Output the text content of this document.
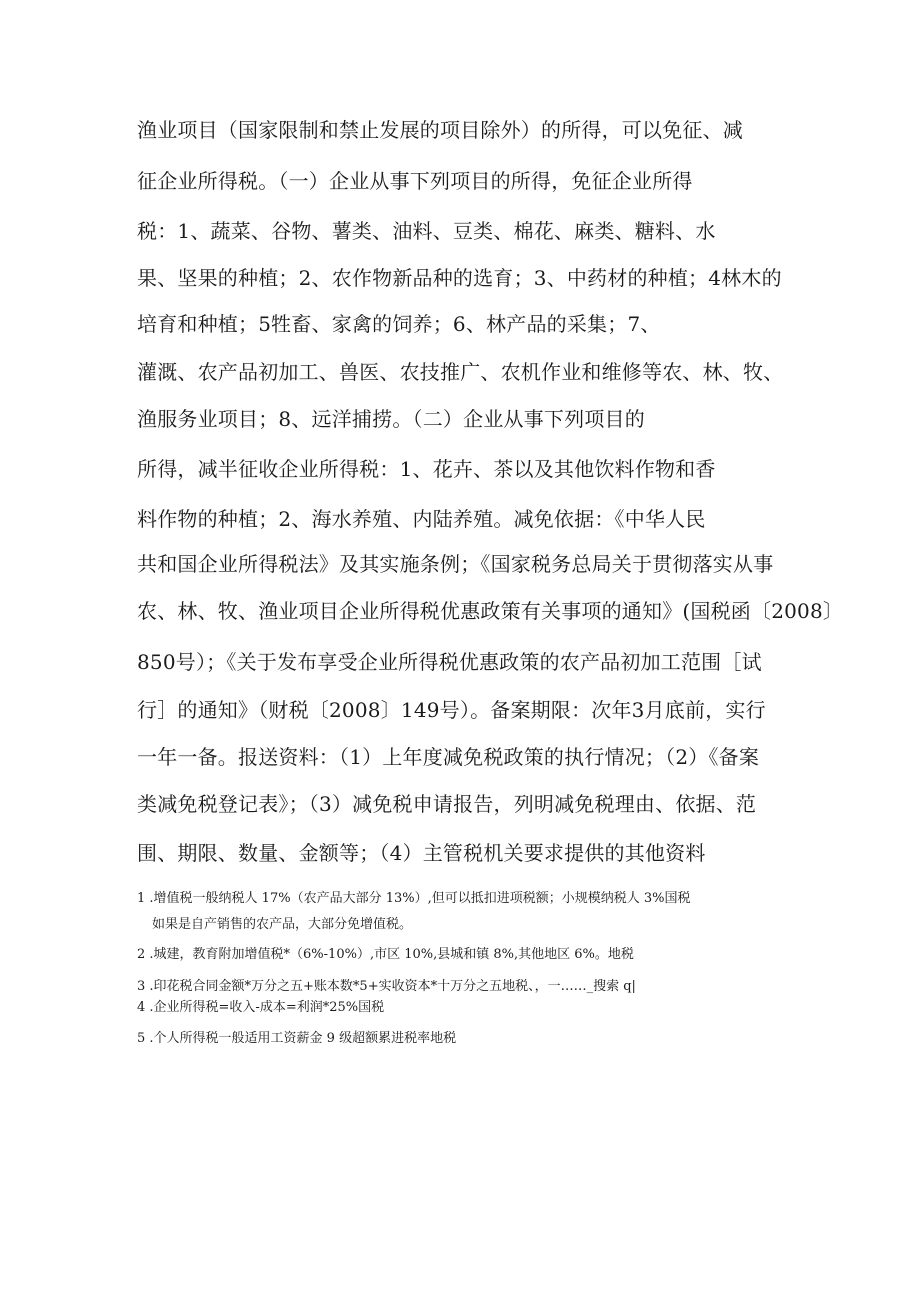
渔业项目（国家限制和禁止发展的项目除外）的所得，可以免征、减
征企业所得税。（一）企业从事下列项目的所得，免征企业所得
税：1、蔬菜、谷物、薯类、油料、豆类、棉花、麻类、糖料、水
果、坚果的种植；2、农作物新品种的选育；3、中药材的种植；4林木的
培育和种植；5牲畜、家禽的饲养；6、林产品的采集；7、
灌溉、农产品初加工、兽医、农技推广、农机作业和维修等农、林、牧、
渔服务业项目；8、远洋捕捞。（二）企业从事下列项目的
所得，减半征收企业所得税：1、花卉、茶以及其他饮料作物和香
料作物的种植；2、海水养殖、内陆养殖。减免依据：《中华人民
共和国企业所得税法》及其实施条例；《国家税务总局关于贯彻落实从事
农、林、牧、渔业项目企业所得税优惠政策有关事项的通知》(国税函〔2008〕
850号）；《关于发布享受企业所得税优惠政策的农产品初加工范围［试
行］的通知》（财税〔2008〕149号）。备案期限：次年3月底前，实行
一年一备。报送资料：（1）上年度减免税政策的执行情况；（2）《备案
类减免税登记表》；（3）减免税申请报告，列明减免税理由、依据、范
围、期限、数量、金额等；（4）主管税机关要求提供的其他资料
1 .增值税一般纳税人 17%（农产品大部分 13%）,但可以抵扣进项税额；小规模纳税人 3%国税
如果是自产销售的农产品，大部分免增值税。
2 .城建，教育附加增值税*（6%-10%）,市区 10%,县城和镇 8%,其他地区 6%。地税
3 .印花税合同金额*万分之五+账本数*5+实收资本*十万分之五地税、，一……_搜索 q|
4 .企业所得税=收入-成本=利润*25%国税
5 .个人所得税一般适用工资薪金 9 级超额累进税率地税
